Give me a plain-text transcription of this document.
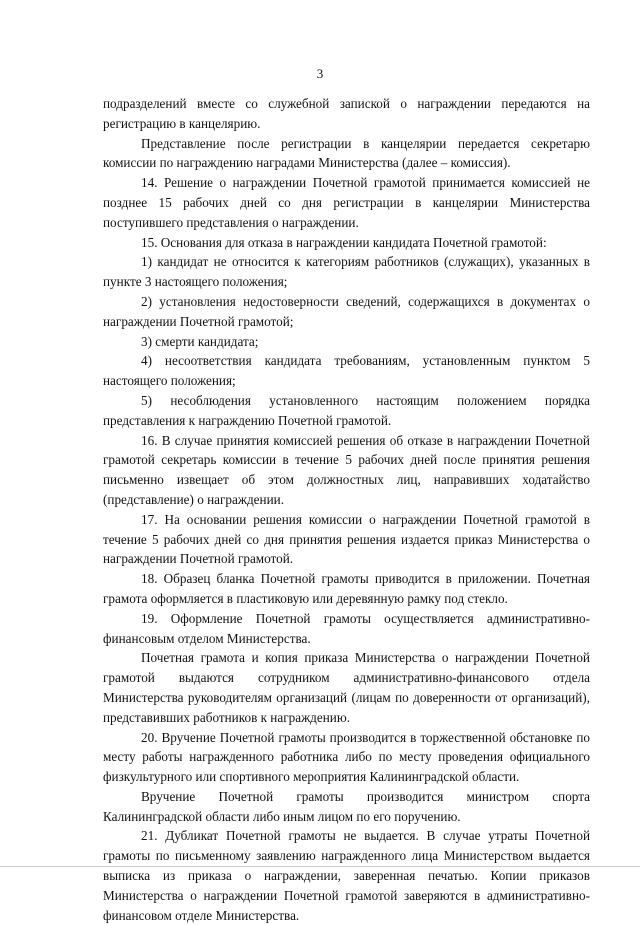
3

подразделений вместе со служебной запиской о награждении передаются на регистрацию в канцелярию.

Представление после регистрации в канцелярии передается секретарю комиссии по награждению наградами Министерства (далее – комиссия).

14. Решение о награждении Почетной грамотой принимается комиссией не позднее 15 рабочих дней со дня регистрации в канцелярии Министерства поступившего представления о награждении.

15. Основания для отказа в награждении кандидата Почетной грамотой:

1) кандидат не относится к категориям работников (служащих), указанных в пункте 3 настоящего положения;

2) установления недостоверности сведений, содержащихся в документах о награждении Почетной грамотой;

3) смерти кандидата;

4) несоответствия кандидата требованиям, установленным пунктом 5 настоящего положения;

5) несоблюдения установленного настоящим положением порядка представления к награждению Почетной грамотой.

16. В случае принятия комиссией решения об отказе в награждении Почетной грамотой секретарь комиссии в течение 5 рабочих дней после принятия решения письменно извещает об этом должностных лиц, направивших ходатайство (представление) о награждении.

17. На основании решения комиссии о награждении Почетной грамотой в течение 5 рабочих дней со дня принятия решения издается приказ Министерства о награждении Почетной грамотой.

18. Образец бланка Почетной грамоты приводится в приложении. Почетная грамота оформляется в пластиковую или деревянную рамку под стекло.

19. Оформление Почетной грамоты осуществляется административно-финансовым отделом Министерства.

Почетная грамота и копия приказа Министерства о награждении Почетной грамотой выдаются сотрудником административно-финансового отдела Министерства руководителям организаций (лицам по доверенности от организаций), представивших работников к награждению.

20. Вручение Почетной грамоты производится в торжественной обстановке по месту работы награжденного работника либо по месту проведения официального физкультурного или спортивного мероприятия Калининградской области.

Вручение Почетной грамоты производится министром спорта Калининградской области либо иным лицом по его поручению.

21. Дубликат Почетной грамоты не выдается. В случае утраты Почетной грамоты по письменному заявлению награжденного лица Министерством выдается выписка из приказа о награждении, заверенная печатью. Копии приказов Министерства о награждении Почетной грамотой заверяются в административно-финансовом отделе Министерства.
